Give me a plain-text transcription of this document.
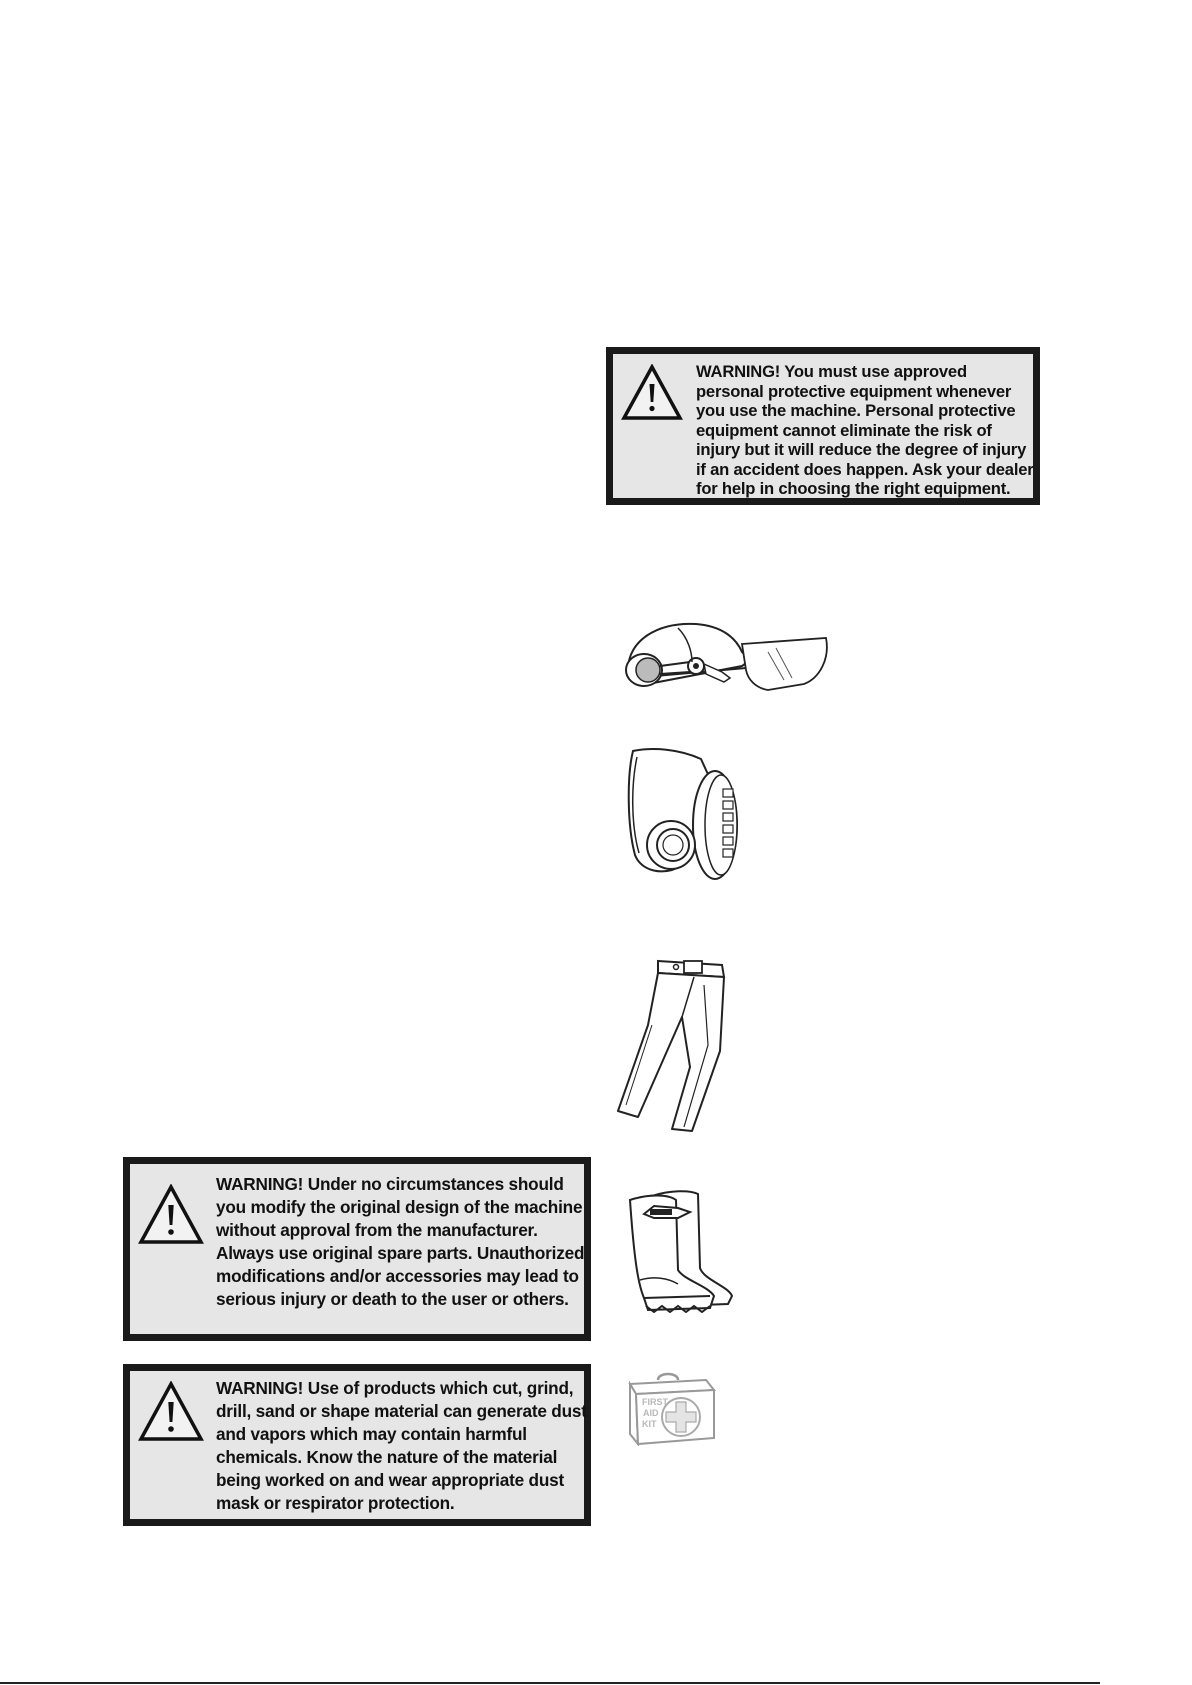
WARNING! You must use approved personal protective equipment whenever you use the machine. Personal protective equipment cannot eliminate the risk of injury but it will reduce the degree of injury if an accident does happen. Ask your dealer for help in choosing the right equipment.
FIRST
AID
KIT
WARNING! Under no circumstances should you modify the original design of the machine without approval from the manufacturer. Always use original spare parts. Unauthorized modifications and/or accessories may lead to serious injury or death to the user or others.
WARNING! Use of products which cut, grind, drill, sand or shape material can generate dust and vapors which may contain harmful chemicals. Know the nature of the material being worked on and wear appropriate dust mask or respirator protection.
